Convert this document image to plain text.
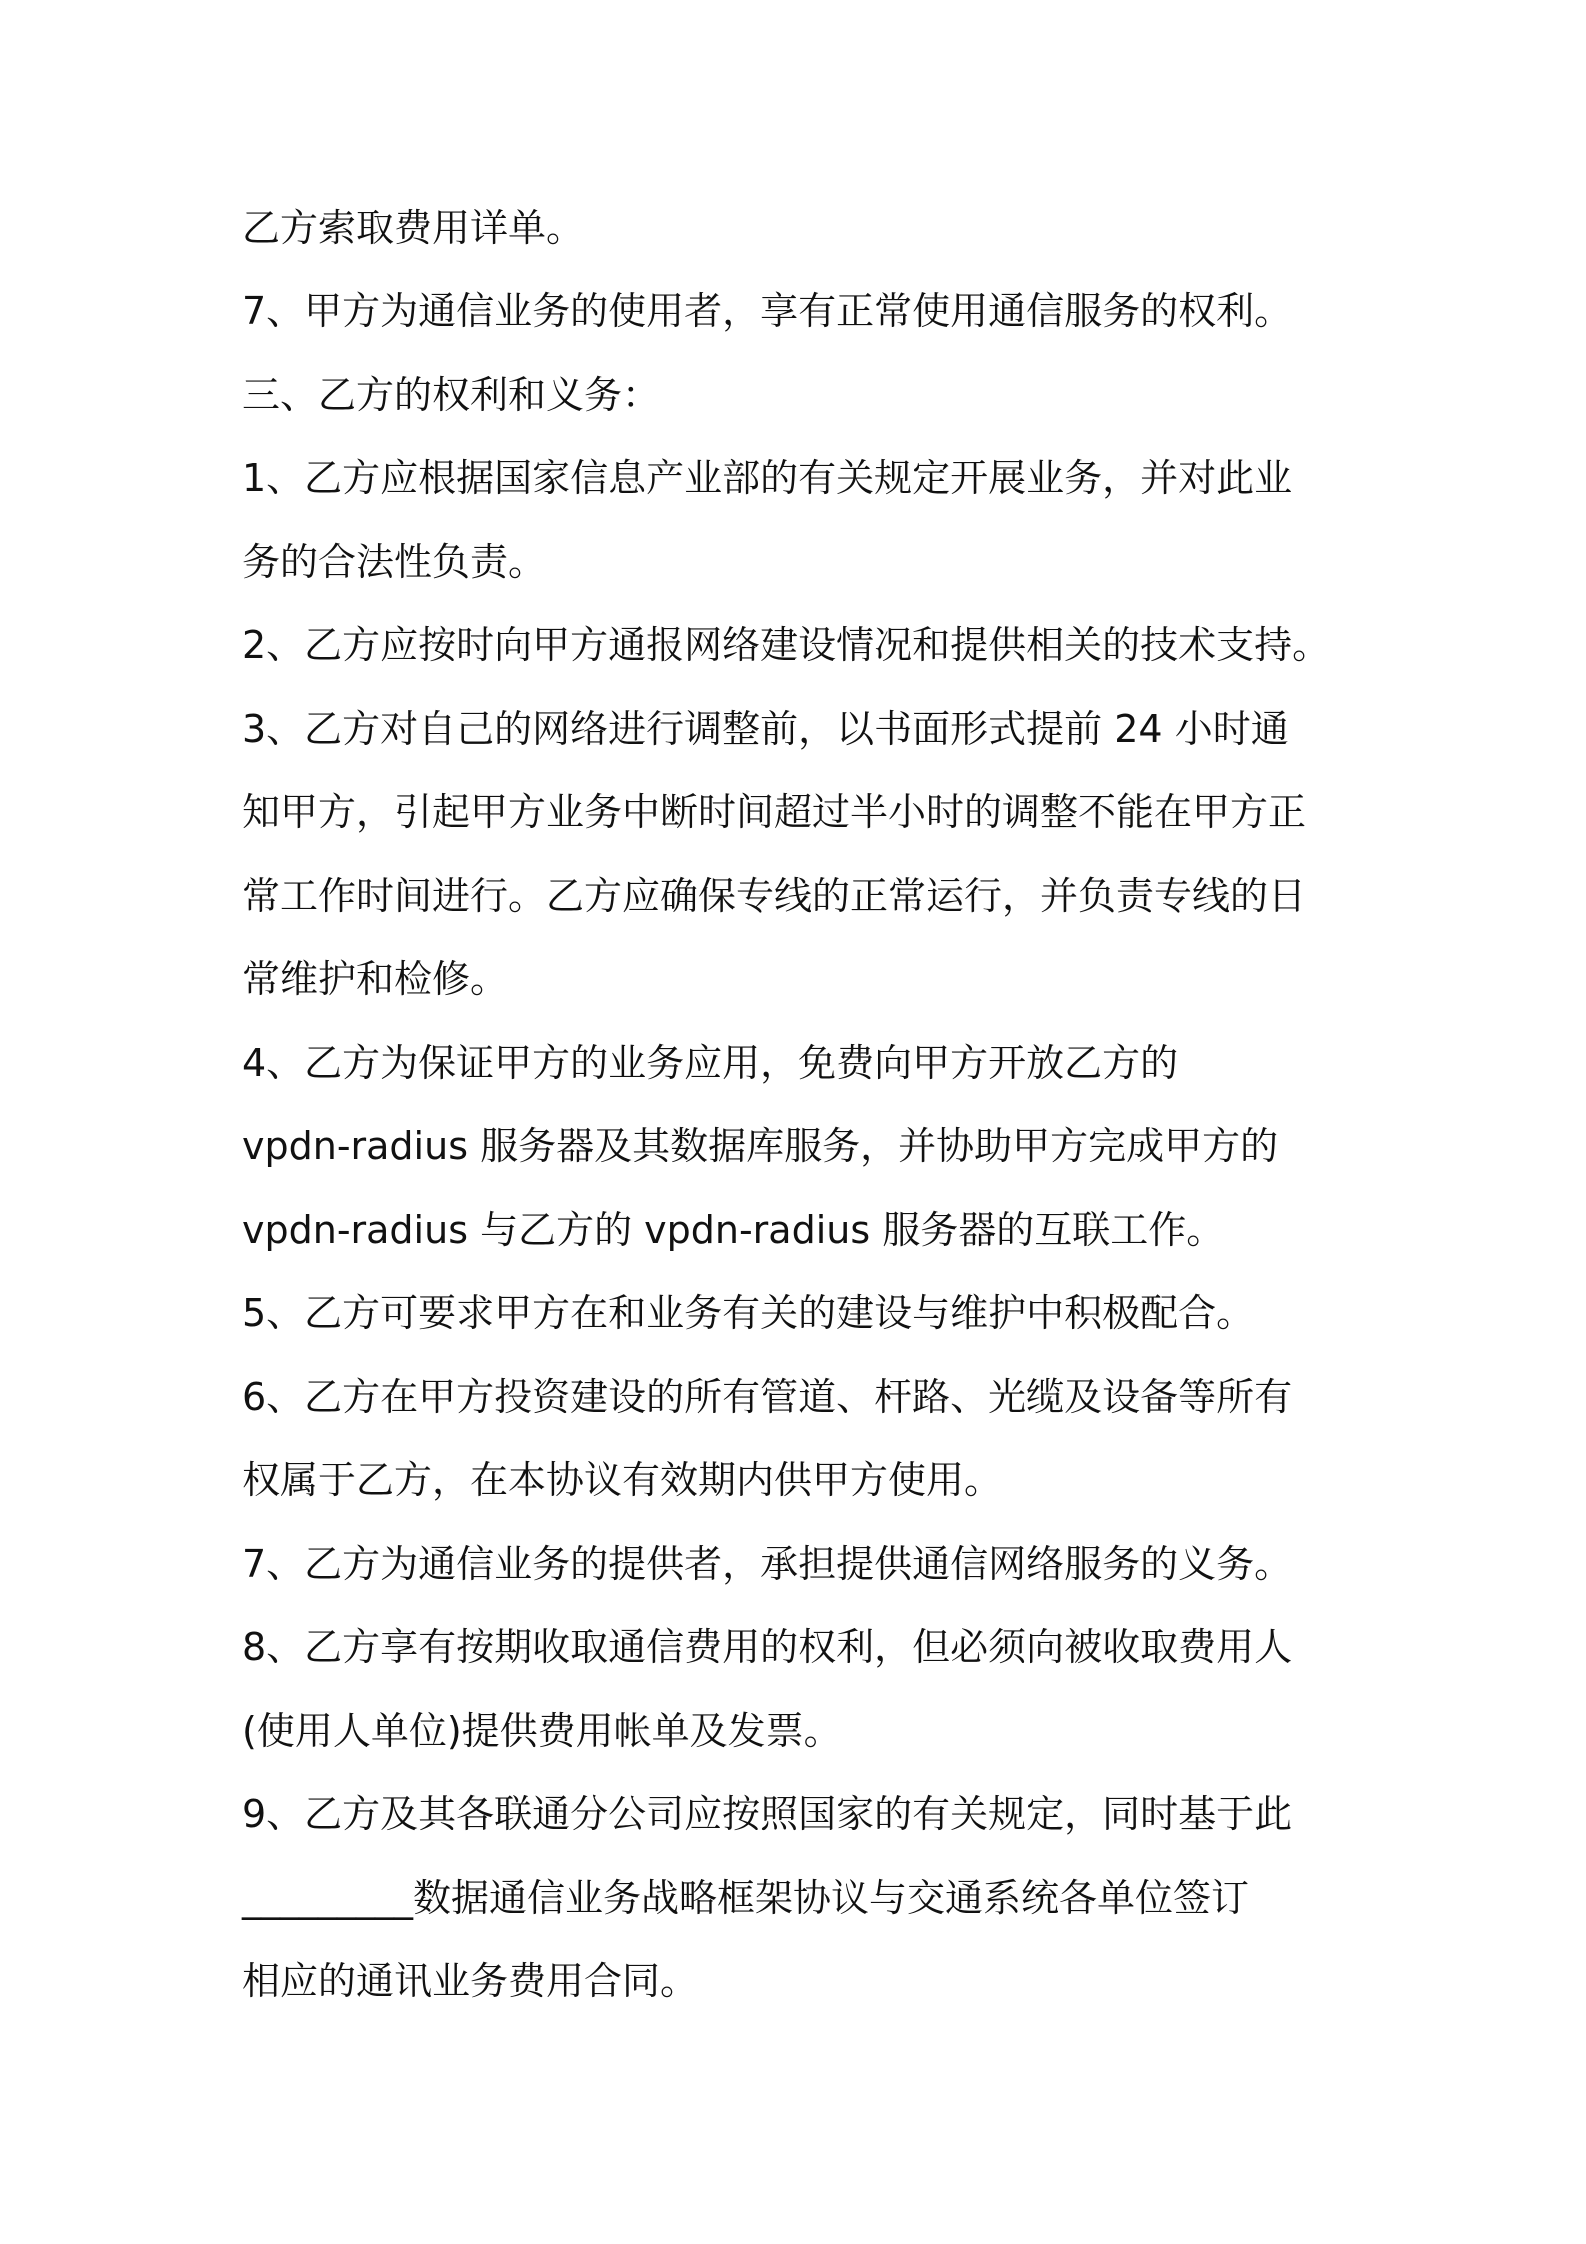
乙方索取费用详单。
7、甲方为通信业务的使用者，享有正常使用通信服务的权利。
三、乙方的权利和义务：
1、乙方应根据国家信息产业部的有关规定开展业务，并对此业
务的合法性负责。
2、乙方应按时向甲方通报网络建设情况和提供相关的技术支持。
3、乙方对自己的网络进行调整前，以书面形式提前 24 小时通
知甲方，引起甲方业务中断时间超过半小时的调整不能在甲方正
常工作时间进行。乙方应确保专线的正常运行，并负责专线的日
常维护和检修。
4、乙方为保证甲方的业务应用，免费向甲方开放乙方的
vpdn-radius 服务器及其数据库服务，并协助甲方完成甲方的
vpdn-radius 与乙方的 vpdn-radius 服务器的互联工作。
5、乙方可要求甲方在和业务有关的建设与维护中积极配合。
6、乙方在甲方投资建设的所有管道、杆路、光缆及设备等所有
权属于乙方，在本协议有效期内供甲方使用。
7、乙方为通信业务的提供者，承担提供通信网络服务的义务。
8、乙方享有按期收取通信费用的权利，但必须向被收取费用人
(使用人单位)提供费用帐单及发票。
9、乙方及其各联通分公司应按照国家的有关规定，同时基于此
_________数据通信业务战略框架协议与交通系统各单位签订
相应的通讯业务费用合同。
